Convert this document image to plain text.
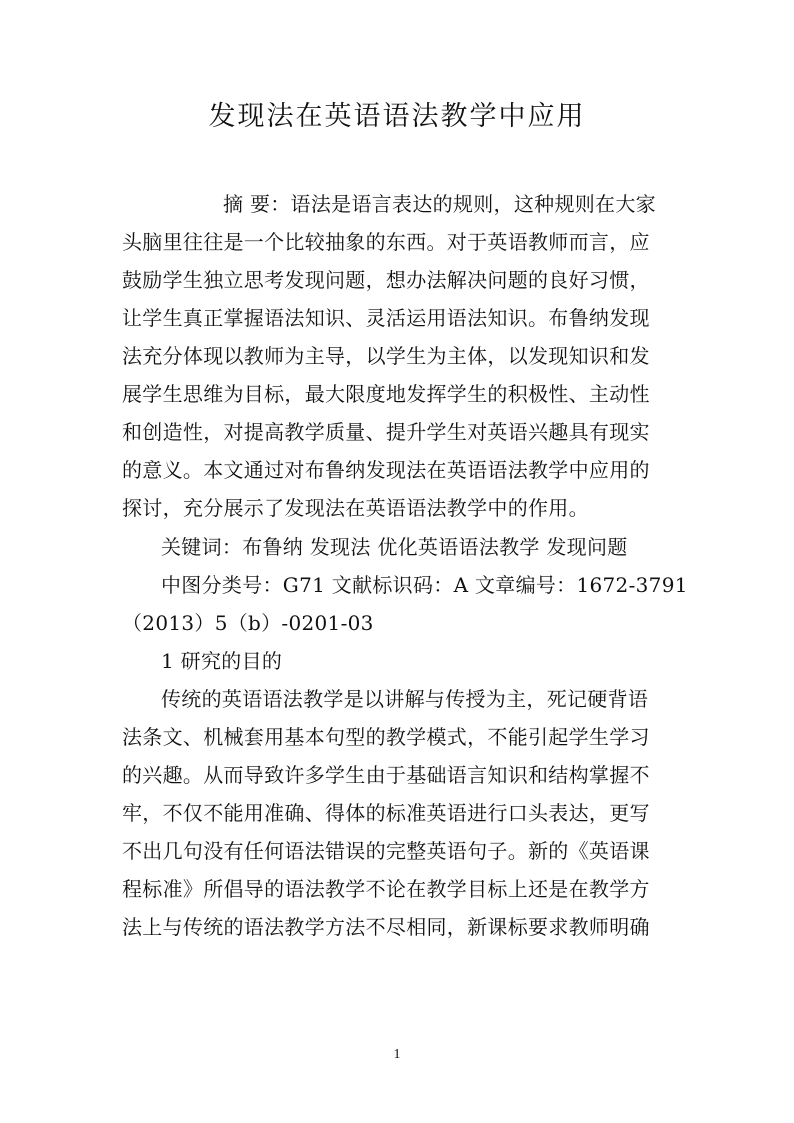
发现法在英语语法教学中应用

摘 要：语法是语言表达的规则，这种规则在大家

头脑里往往是一个比较抽象的东西。对于英语教师而言，应

鼓励学生独立思考发现问题，想办法解决问题的良好习惯，

让学生真正掌握语法知识、灵活运用语法知识。布鲁纳发现

法充分体现以教师为主导，以学生为主体，以发现知识和发

展学生思维为目标，最大限度地发挥学生的积极性、主动性

和创造性，对提高教学质量、提升学生对英语兴趣具有现实

的意义。本文通过对布鲁纳发现法在英语语法教学中应用的

探讨，充分展示了发现法在英语语法教学中的作用。

关键词：布鲁纳 发现法 优化英语语法教学 发现问题

中图分类号：G71 文献标识码：A 文章编号：1672-3791

（2013）5（b）-0201-03

1 研究的目的

传统的英语语法教学是以讲解与传授为主，死记硬背语

法条文、机械套用基本句型的教学模式，不能引起学生学习

的兴趣。从而导致许多学生由于基础语言知识和结构掌握不

牢，不仅不能用准确、得体的标准英语进行口头表达，更写

不出几句没有任何语法错误的完整英语句子。新的《英语课

程标准》所倡导的语法教学不论在教学目标上还是在教学方

法上与传统的语法教学方法不尽相同，新课标要求教师明确

1
